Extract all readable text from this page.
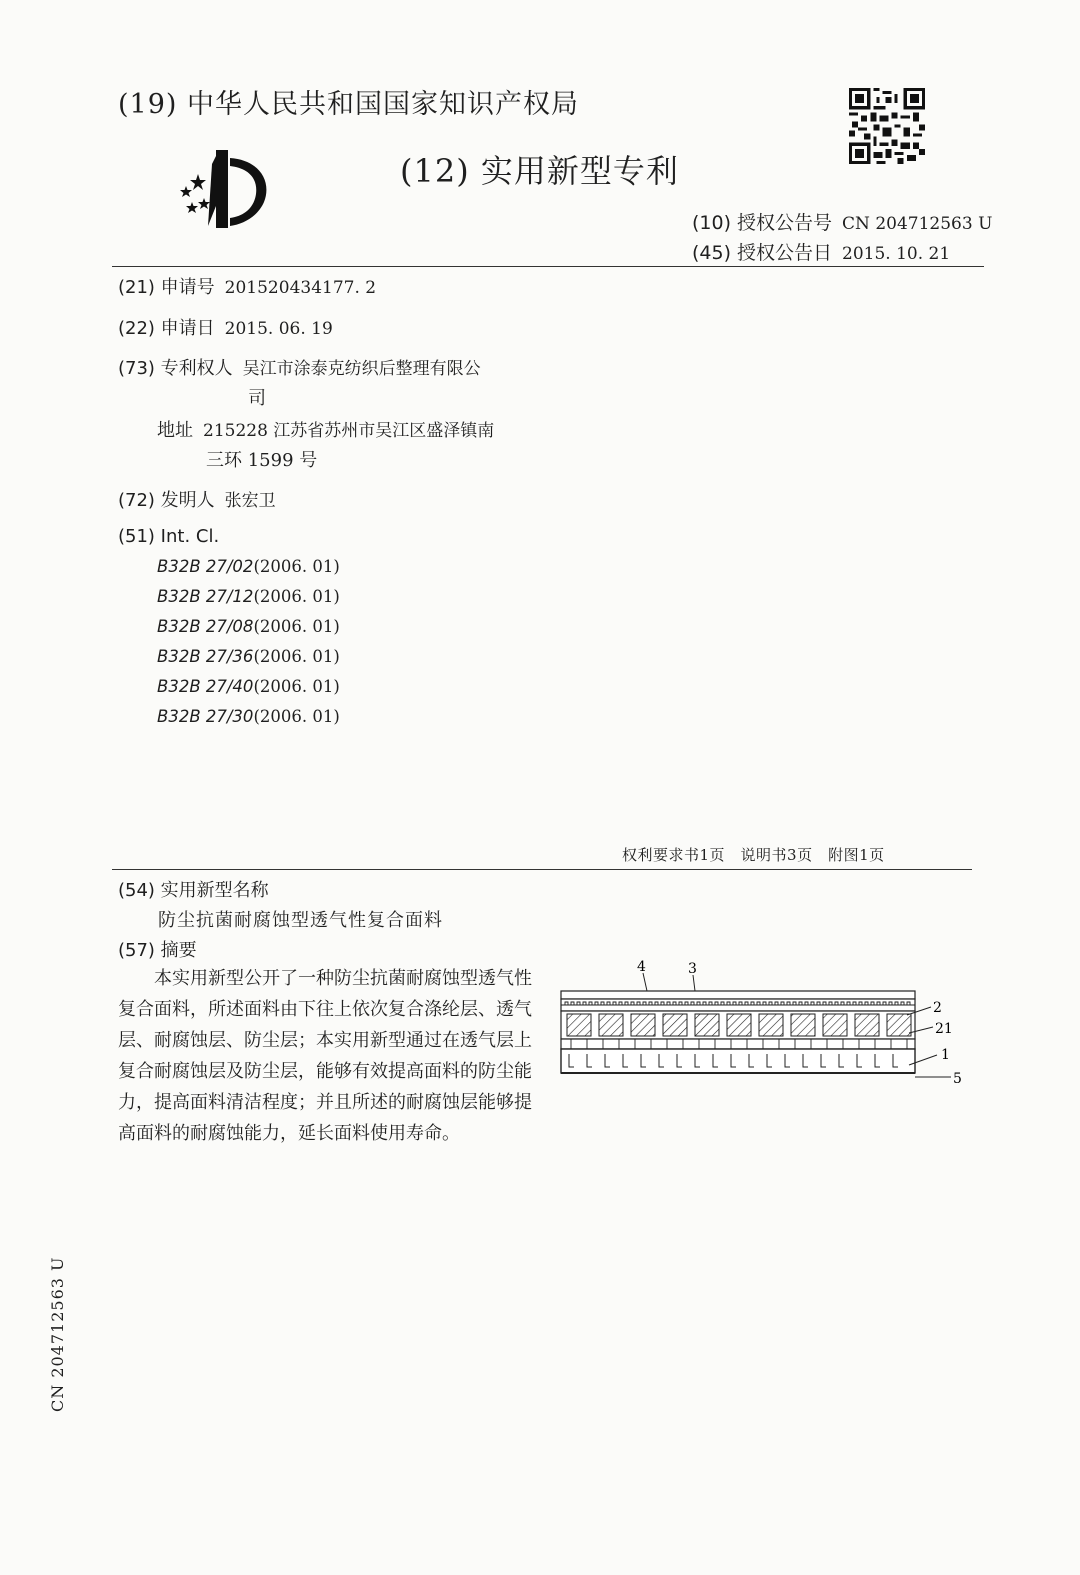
(19) 中华人民共和国国家知识产权局
(12) 实用新型专利
(10) 授权公告号 CN 204712563 U
(45) 授权公告日 2015. 10. 21
(21) 申请号 201520434177. 2
(22) 申请日 2015. 06. 19
(73) 专利权人 吴江市涂泰克纺织后整理有限公
司
地址 215228 江苏省苏州市吴江区盛泽镇南
三环 1599 号
(72) 发明人 张宏卫
(51) Int. Cl.
B32B 27/02(2006. 01)
B32B 27/12(2006. 01)
B32B 27/08(2006. 01)
B32B 27/36(2006. 01)
B32B 27/40(2006. 01)
B32B 27/30(2006. 01)
权利要求书1页　说明书3页　附图1页
(54) 实用新型名称
防尘抗菌耐腐蚀型透气性复合面料
(57) 摘要

本实用新型公开了一种防尘抗菌耐腐蚀型透气性复合面料，所述面料由下往上依次复合涤纶层、透气层、耐腐蚀层、防尘层；本实用新型通过在透气层上复合耐腐蚀层及防尘层，能够有效提高面料的防尘能力，提高面料清洁程度；并且所述的耐腐蚀层能够提高面料的耐腐蚀能力，延长面料使用寿命。

4	3
2
21
1
5
CN 204712563 U
